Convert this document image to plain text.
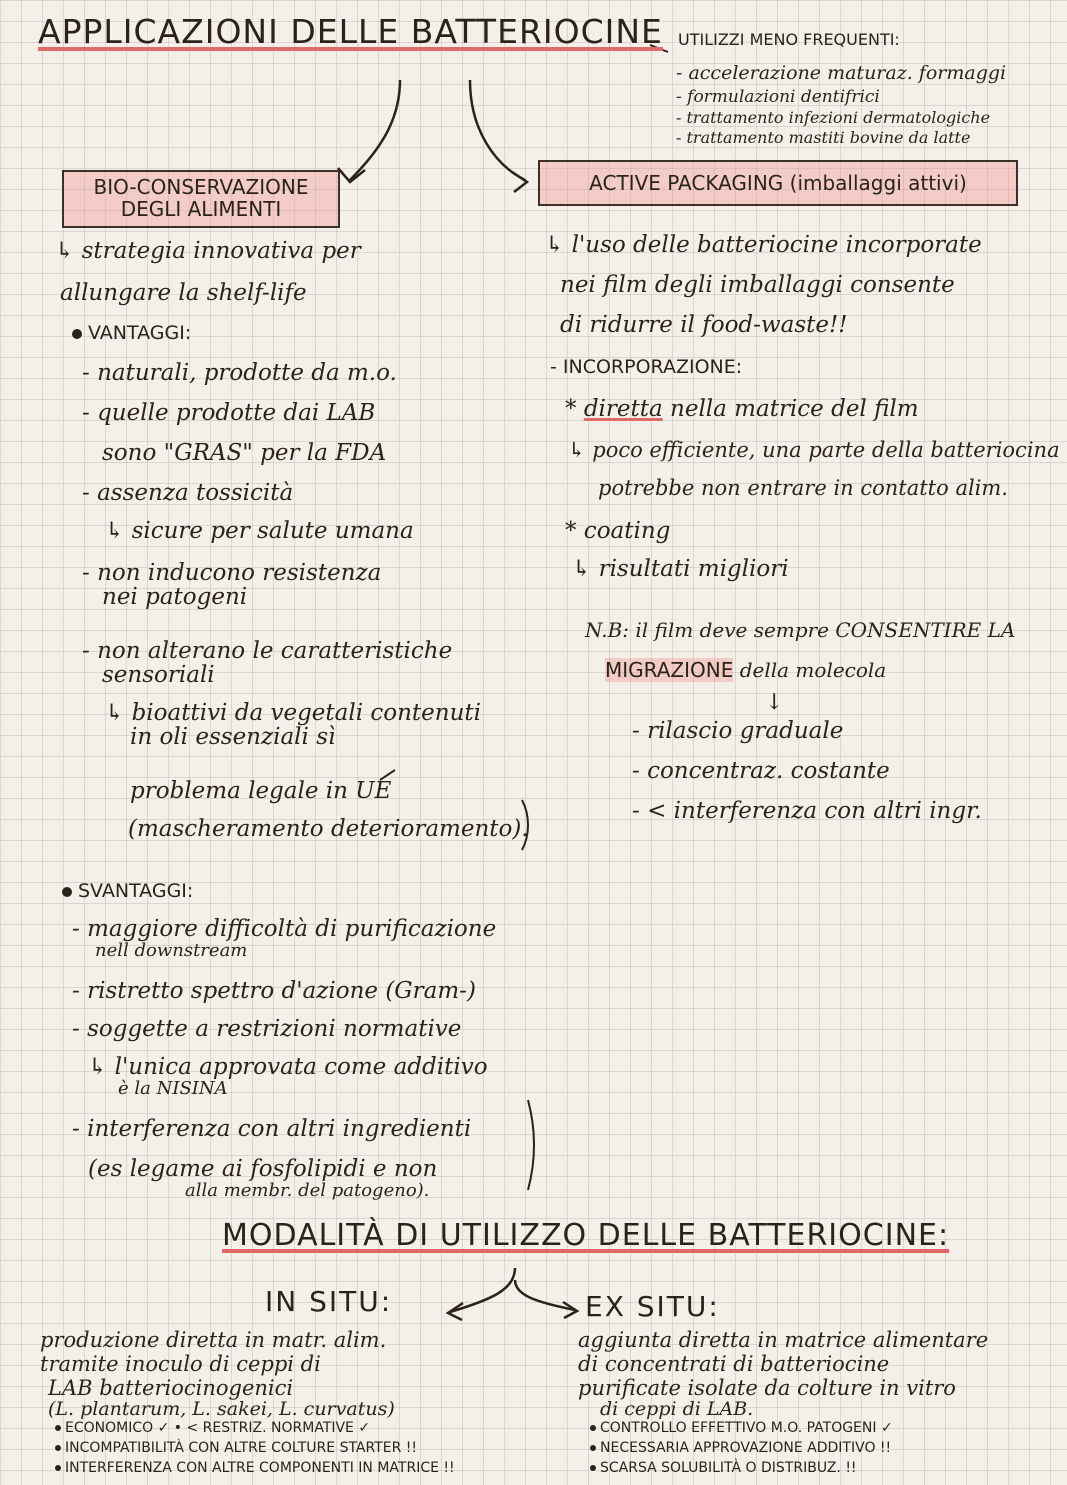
APPLICAZIONI DELLE BATTERIOCINE UTILIZZI MENO FREQUENTI:
- accelerazione maturaz. formaggi
- formulazioni dentifrici
- trattamento infezioni dermatologiche
- trattamento mastiti bovine da latte
BIO-CONSERVAZIONE
DEGLI ALIMENTI
ACTIVE PACKAGING (imballaggi attivi)
↳ strategia innovativa per
allungare la shelf-life
VANTAGGI:
- naturali, prodotte da m.o.
- quelle prodotte dai LAB
sono "GRAS" per la FDA
- assenza tossicità
↳ sicure per salute umana
- non inducono resistenza
nei patogeni
- non alterano le caratteristiche
sensoriali
↳ bioattivi da vegetali contenuti
in oli essenziali sì
problema legale in UE
(mascheramento deterioramento).
SVANTAGGI:
- maggiore difficoltà di purificazione
nell downstream
- ristretto spettro d'azione (Gram-)
- soggette a restrizioni normative
↳ l'unica approvata come additivo
è la NISINA
- interferenza con altri ingredienti
(es legame ai fosfolipidi e non
alla membr. del patogeno).
↳ l'uso delle batteriocine incorporate
nei film degli imballaggi consente
di ridurre il food-waste!!
- INCORPORAZIONE:
* diretta nella matrice del film
↳ poco efficiente, una parte della batteriocina
potrebbe non entrare in contatto alim.
* coating
↳ risultati migliori
N.B: il film deve sempre CONSENTIRE LA
MIGRAZIONE della molecola
↓
- rilascio graduale
- concentraz. costante
- < interferenza con altri ingr.
MODALITÀ DI UTILIZZO DELLE BATTERIOCINE:
IN SITU:	EX SITU:
produzione diretta in matr. alim.
tramite inoculo di ceppi di
LAB batteriocinogenici
(L. plantarum, L. sakei, L. curvatus)
ECONOMICO ✓ • < RESTRIZ. NORMATIVE ✓
INCOMPATIBILITÀ CON ALTRE COLTURE STARTER !!
INTERFERENZA CON ALTRE COMPONENTI IN MATRICE !!
aggiunta diretta in matrice alimentare
di concentrati di batteriocine
purificate isolate da colture in vitro
di ceppi di LAB.
CONTROLLO EFFETTIVO M.O. PATOGENI ✓
NECESSARIA APPROVAZIONE ADDITIVO !!
SCARSA SOLUBILITÀ O DISTRIBUZ. !!
